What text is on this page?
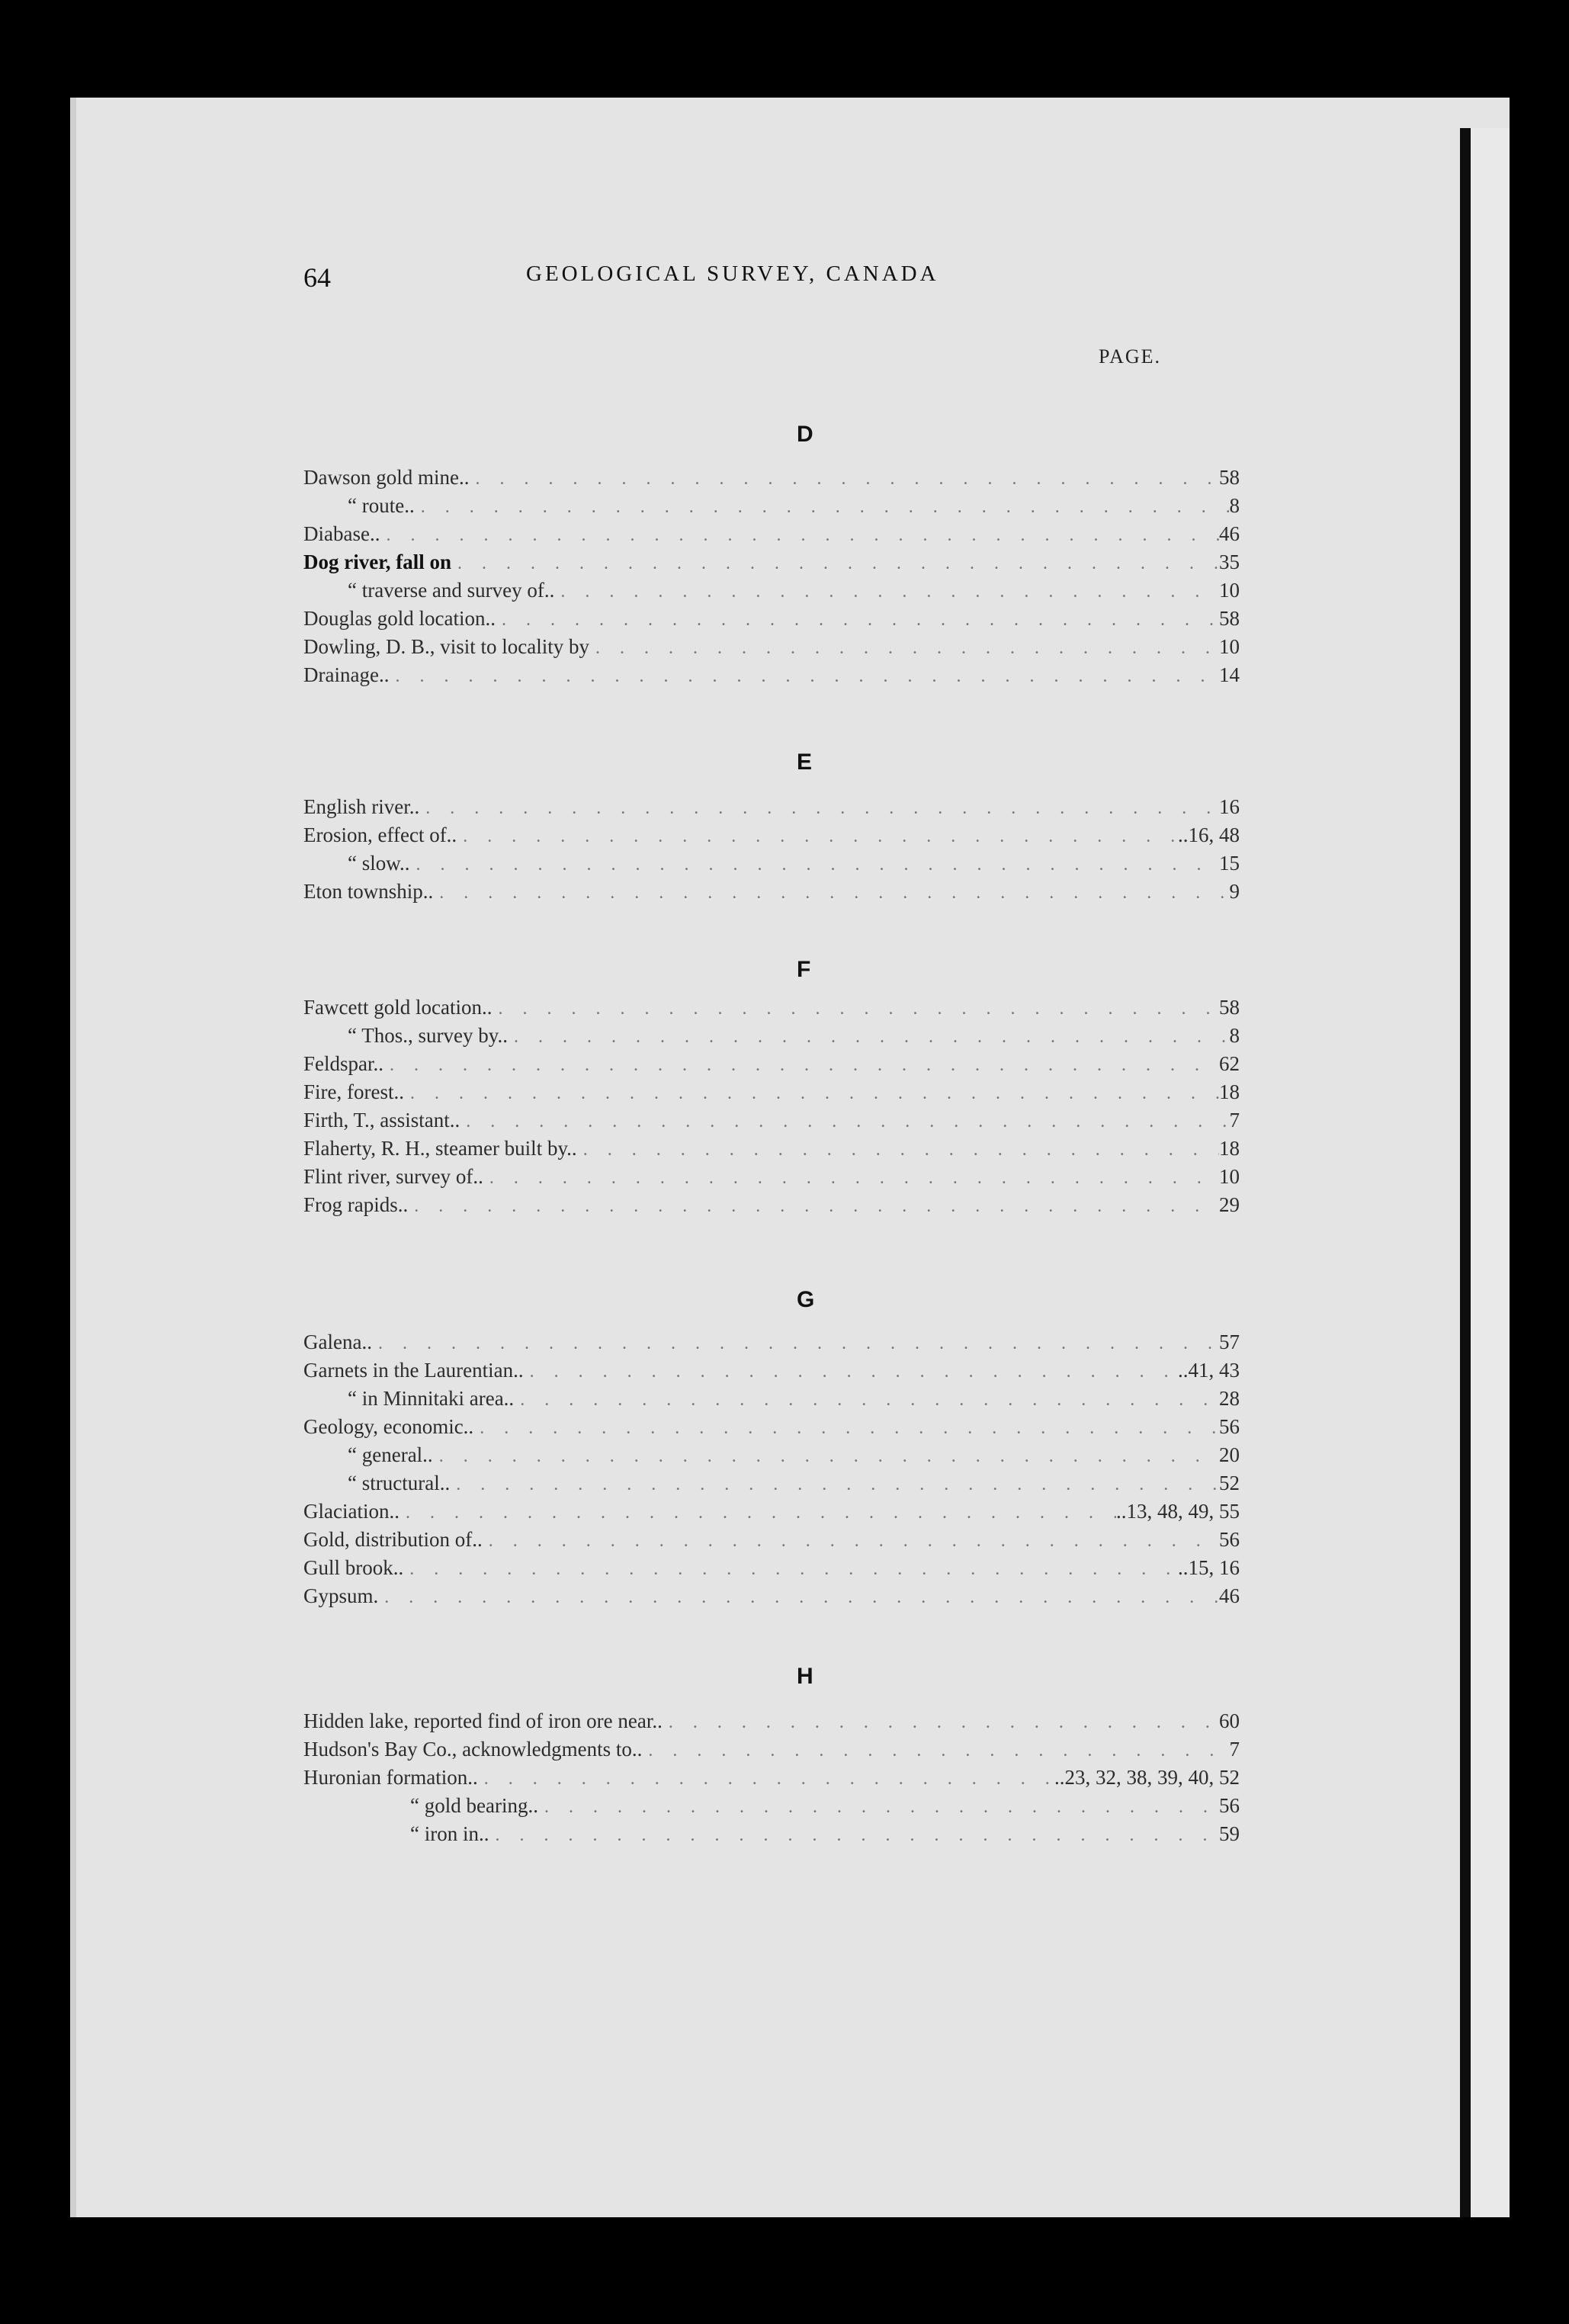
64	GEOLOGICAL SURVEY, CANADA
PAGE.
D
Dawson gold mine.. . . .	58
“ route.. . . .	8
Diabase.. . . .	46
Dog river, fall on . . .	35
“ traverse and survey of.. . . .	10
Douglas gold location.. . . .	58
Dowling, D. B., visit to locality by . . .	10
Drainage.. . . .	14
E
English river.. . . .	16
Erosion, effect of.. . . .	..16, 48
“ slow.. . . .	15
Eton township.. . . .	9
F
Fawcett gold location.. . . .	58
“ Thos., survey by.. . . .	8
Feldspar.. . . .	62
Fire, forest.. . . .	18
Firth, T., assistant.. . . .	7
Flaherty, R. H., steamer built by.. . . .	18
Flint river, survey of.. . . .	10
Frog rapids.. . . .	29
G
Galena.. . . .	57
Garnets in the Laurentian.. . . .	..41, 43
“ in Minnitaki area.. . . .	28
Geology, economic.. . . .	56
“ general.. . . .	20
“ structural.. . . .	52
Glaciation.. . . .	..13, 48, 49, 55
Gold, distribution of.. . . .	56
Gull brook.. . . .	..15, 16
Gypsum. . . .	46
H
Hidden lake, reported find of iron ore near.. . . .	60
Hudson's Bay Co., acknowledgments to.. . . .	7
Huronian formation.. . . .	..23, 32, 38, 39, 40, 52
“ gold bearing.. . . .	56
“ iron in.. . . .	59
